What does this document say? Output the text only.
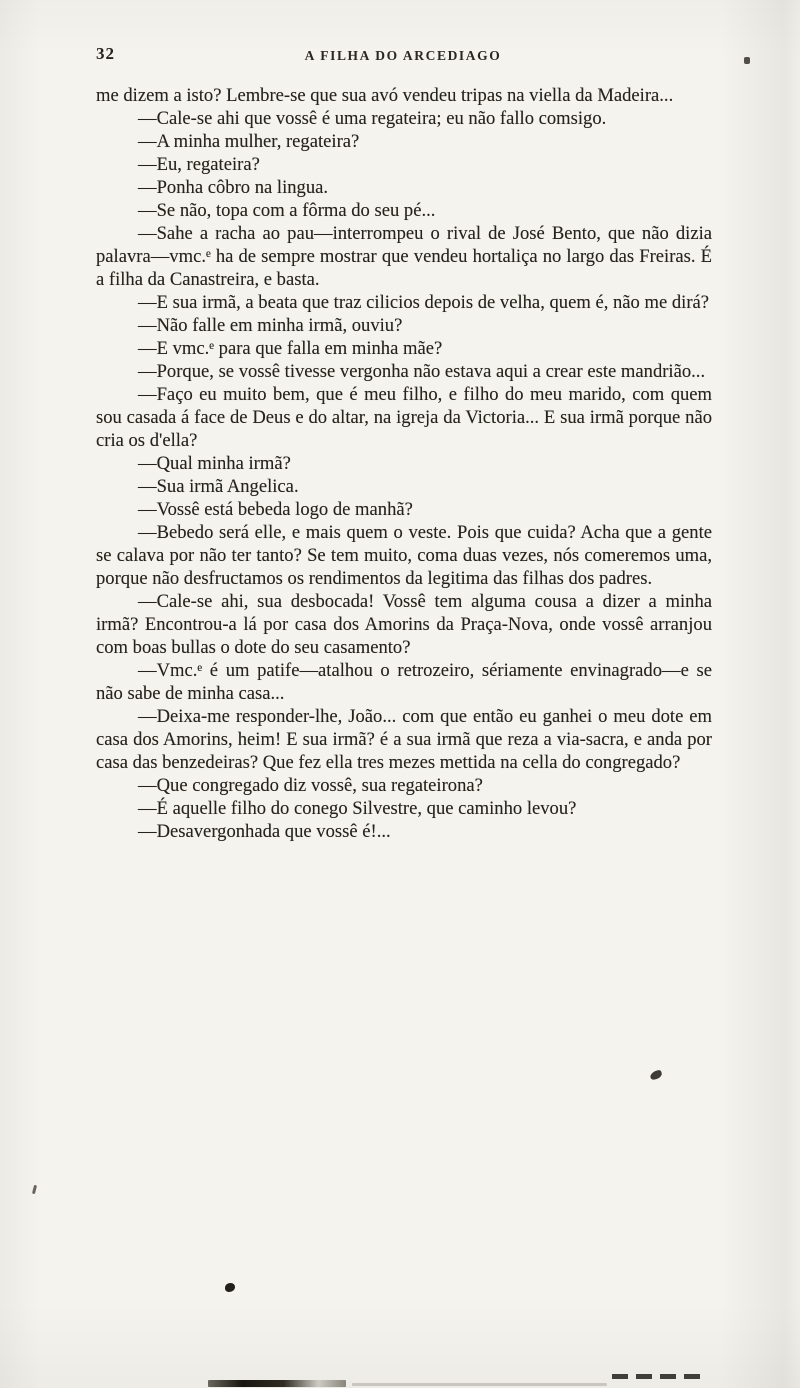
32	A FILHA DO ARCEDIAGO

me dizem a isto? Lembre-se que sua avó vendeu tripas na viella da Madeira...

—Cale-se ahi que vossê é uma regateira; eu não fallo comsigo.

—A minha mulher, regateira?

—Eu, regateira?

—Ponha côbro na lingua.

—Se não, topa com a fôrma do seu pé...

—Sahe a racha ao pau—interrompeu o rival de José Bento, que não dizia palavra—vmc.ᵉ ha de sempre mostrar que vendeu hortaliça no largo das Freiras. É a filha da Canastreira, e basta.

—E sua irmã, a beata que traz cilicios depois de velha, quem é, não me dirá?

—Não falle em minha irmã, ouviu?

—E vmc.ᵉ para que falla em minha mãe?

—Porque, se vossê tivesse vergonha não estava aqui a crear este mandrião...

—Faço eu muito bem, que é meu filho, e filho do meu marido, com quem sou casada á face de Deus e do altar, na igreja da Victoria... E sua irmã porque não cria os d'ella?

—Qual minha irmã?

—Sua irmã Angelica.

—Vossê está bebeda logo de manhã?

—Bebedo será elle, e mais quem o veste. Pois que cuida? Acha que a gente se calava por não ter tanto? Se tem muito, coma duas vezes, nós comeremos uma, porque não desfructamos os rendimentos da legitima das filhas dos padres.

—Cale-se ahi, sua desbocada! Vossê tem alguma cousa a dizer a minha irmã? Encontrou-a lá por casa dos Amorins da Praça-Nova, onde vossê arranjou com boas bullas o dote do seu casamento?

—Vmc.ᵉ é um patife—atalhou o retrozeiro, sériamente envinagrado—e se não sabe de minha casa...

—Deixa-me responder-lhe, João... com que então eu ganhei o meu dote em casa dos Amorins, heim! E sua irmã? é a sua irmã que reza a via-sacra, e anda por casa das benzedeiras? Que fez ella tres mezes mettida na cella do congregado?

—Que congregado diz vossê, sua regateirona?

—É aquelle filho do conego Silvestre, que caminho levou?

—Desavergonhada que vossê é!...
